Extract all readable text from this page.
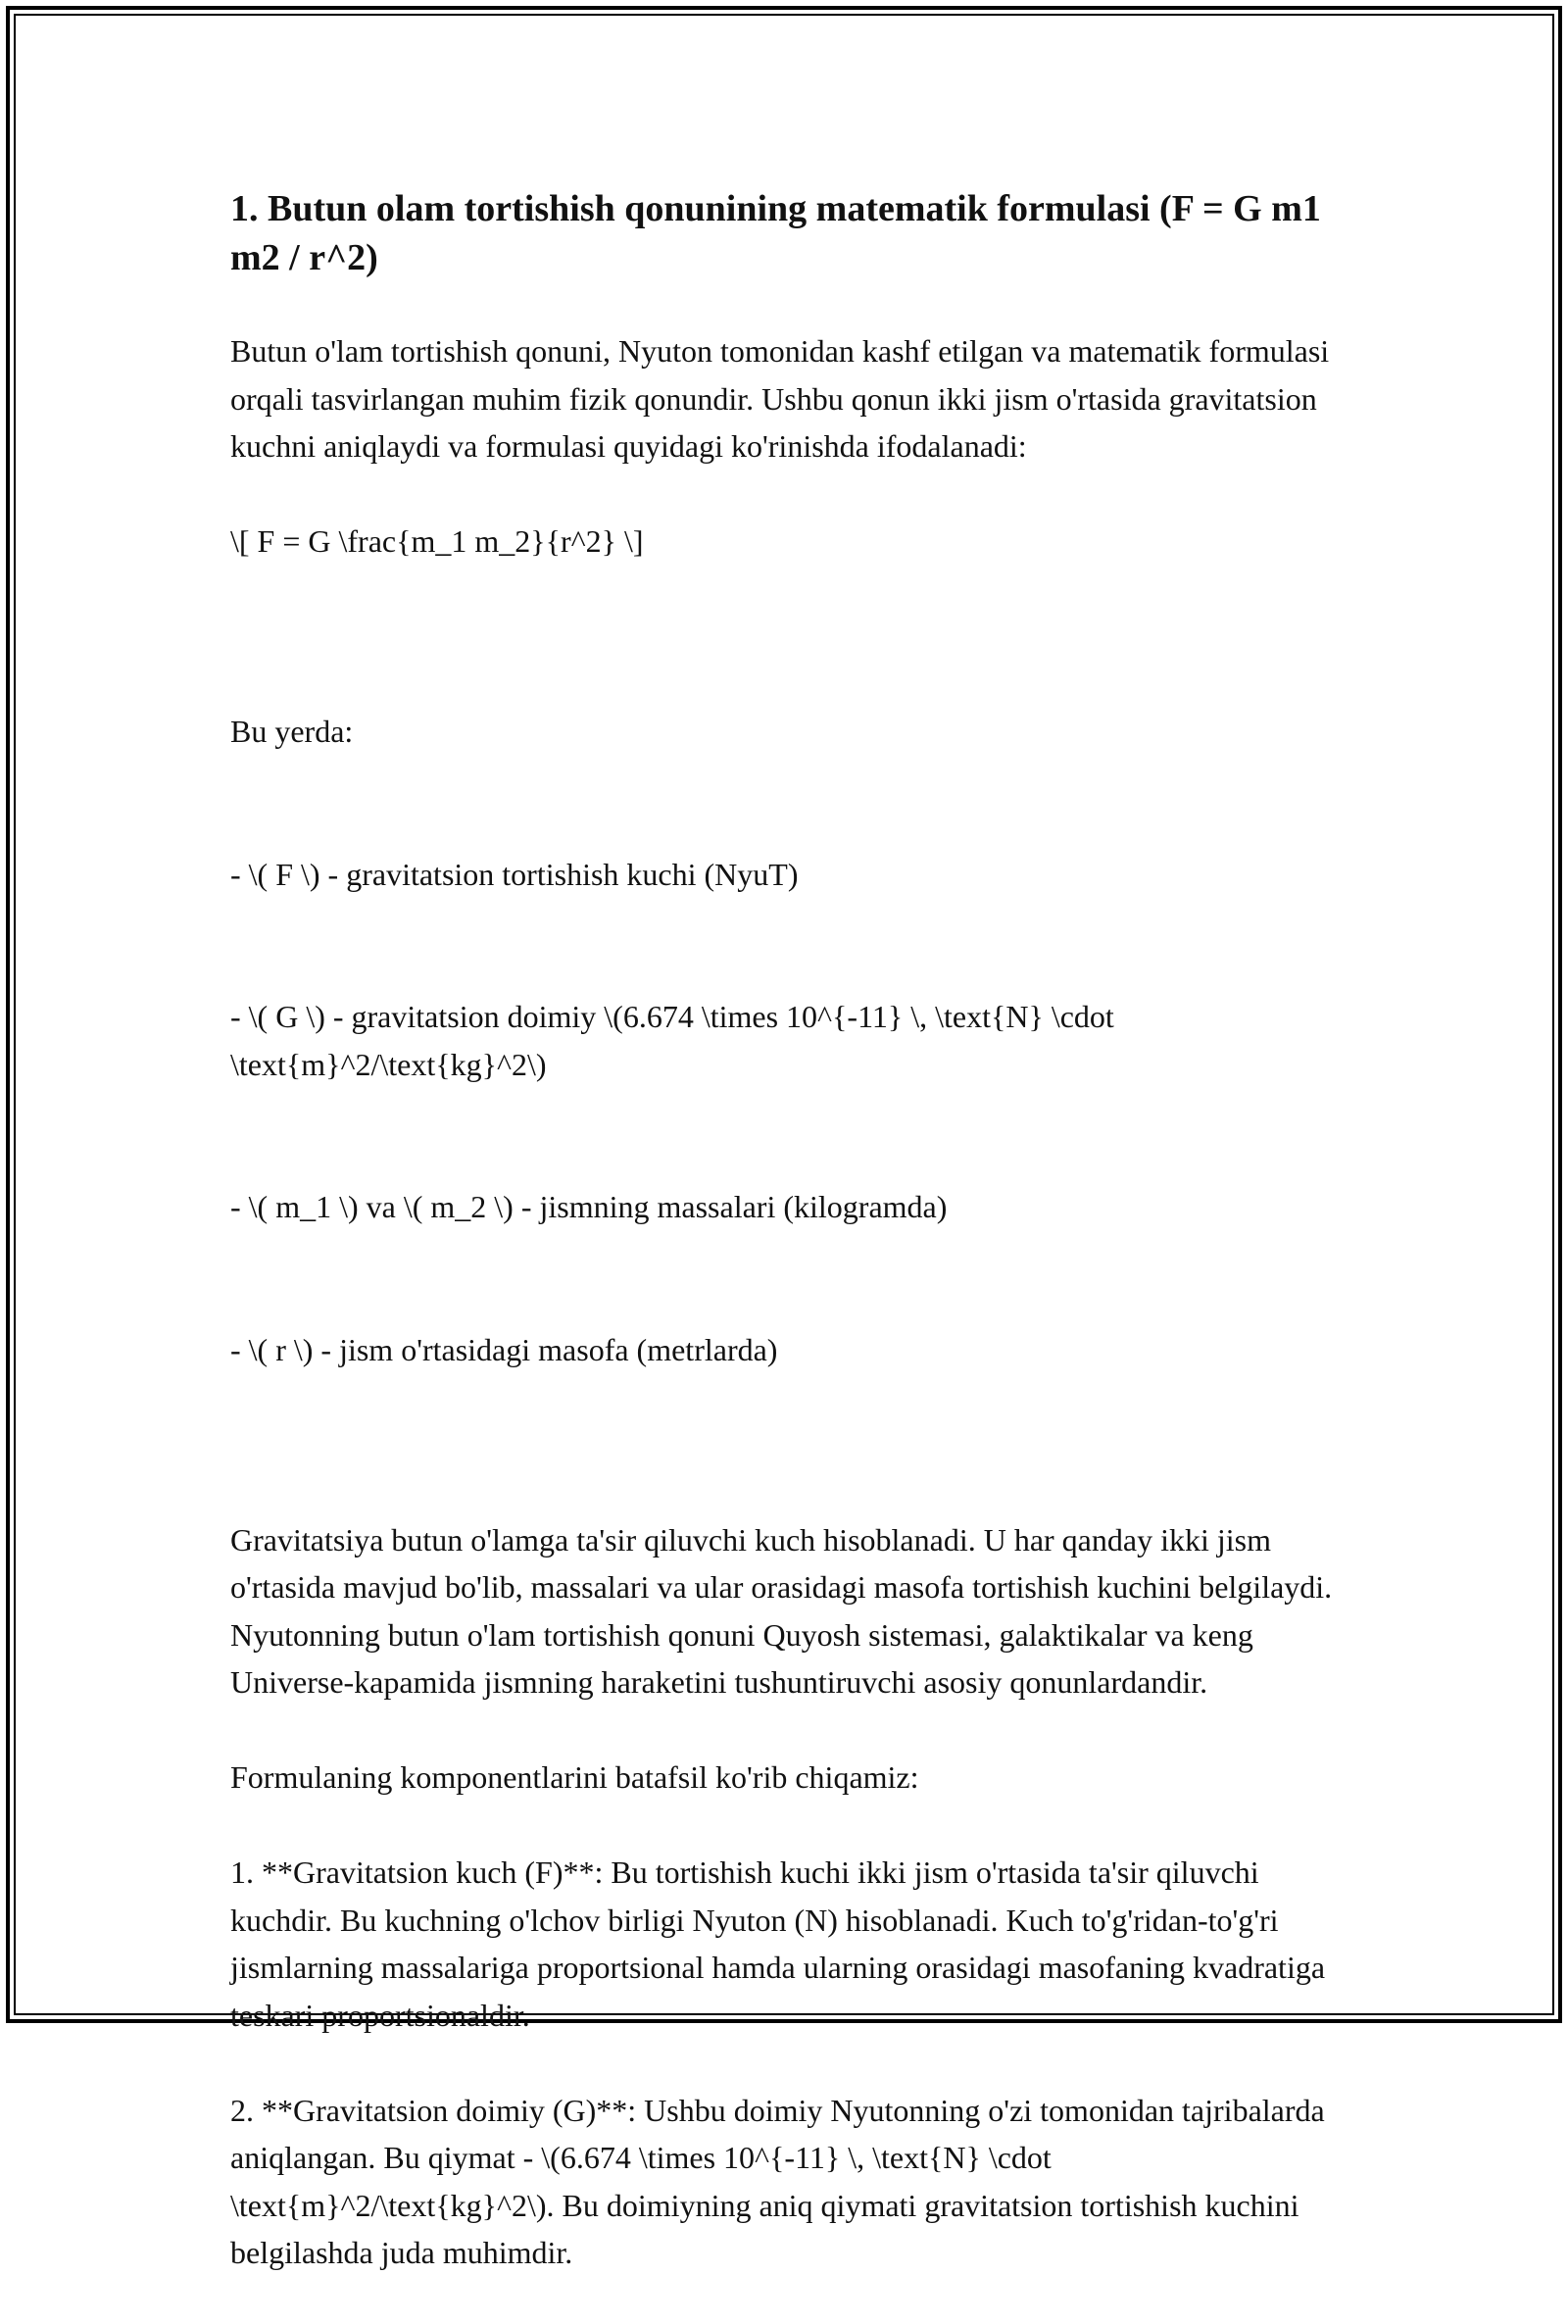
1. Butun olam tortishish qonunining matematik formulasi (F = G m1 m2 / r^2)

Butun o'lam tortishish qonuni, Nyuton tomonidan kashf etilgan va matematik formulasi orqali tasvirlangan muhim fizik qonundir. Ushbu qonun ikki jism o'rtasida gravitatsion kuchni aniqlaydi va formulasi quyidagi ko'rinishda ifodalanadi:

\[ F = G \frac{m_1 m_2}{r^2} \]

Bu yerda:

- \( F \) - gravitatsion tortishish kuchi (NyuT)

- \( G \) - gravitatsion doimiy \(6.674 \times 10^{-11} \, \text{N} \cdot \text{m}^2/\text{kg}^2\)

- \( m_1 \) va \( m_2 \) - jismning massalari (kilogramda)

- \( r \) - jism o'rtasidagi masofa (metrlarda)

Gravitatsiya butun o'lamga ta'sir qiluvchi kuch hisoblanadi. U har qanday ikki jism o'rtasida mavjud bo'lib, massalari va ular orasidagi masofa tortishish kuchini belgilaydi. Nyutonning butun o'lam tortishish qonuni Quyosh sistemasi, galaktikalar va keng Universe-kapamida jismning haraketini tushuntiruvchi asosiy qonunlardandir.

Formulaning komponentlarini batafsil ko'rib chiqamiz:

1. **Gravitatsion kuch (F)**: Bu tortishish kuchi ikki jism o'rtasida ta'sir qiluvchi kuchdir. Bu kuchning o'lchov birligi Nyuton (N) hisoblanadi. Kuch to'g'ridan-to'g'ri jismlarning massalariga proportsional hamda ularning orasidagi masofaning kvadratiga teskari proportsionaldir.

2. **Gravitatsion doimiy (G)**: Ushbu doimiy Nyutonning o'zi tomonidan tajribalarda aniqlangan. Bu qiymat - \(6.674 \times 10^{-11} \, \text{N} \cdot \text{m}^2/\text{kg}^2\). Bu doimiyning aniq qiymati gravitatsion tortishish kuchini belgilashda juda muhimdir.
